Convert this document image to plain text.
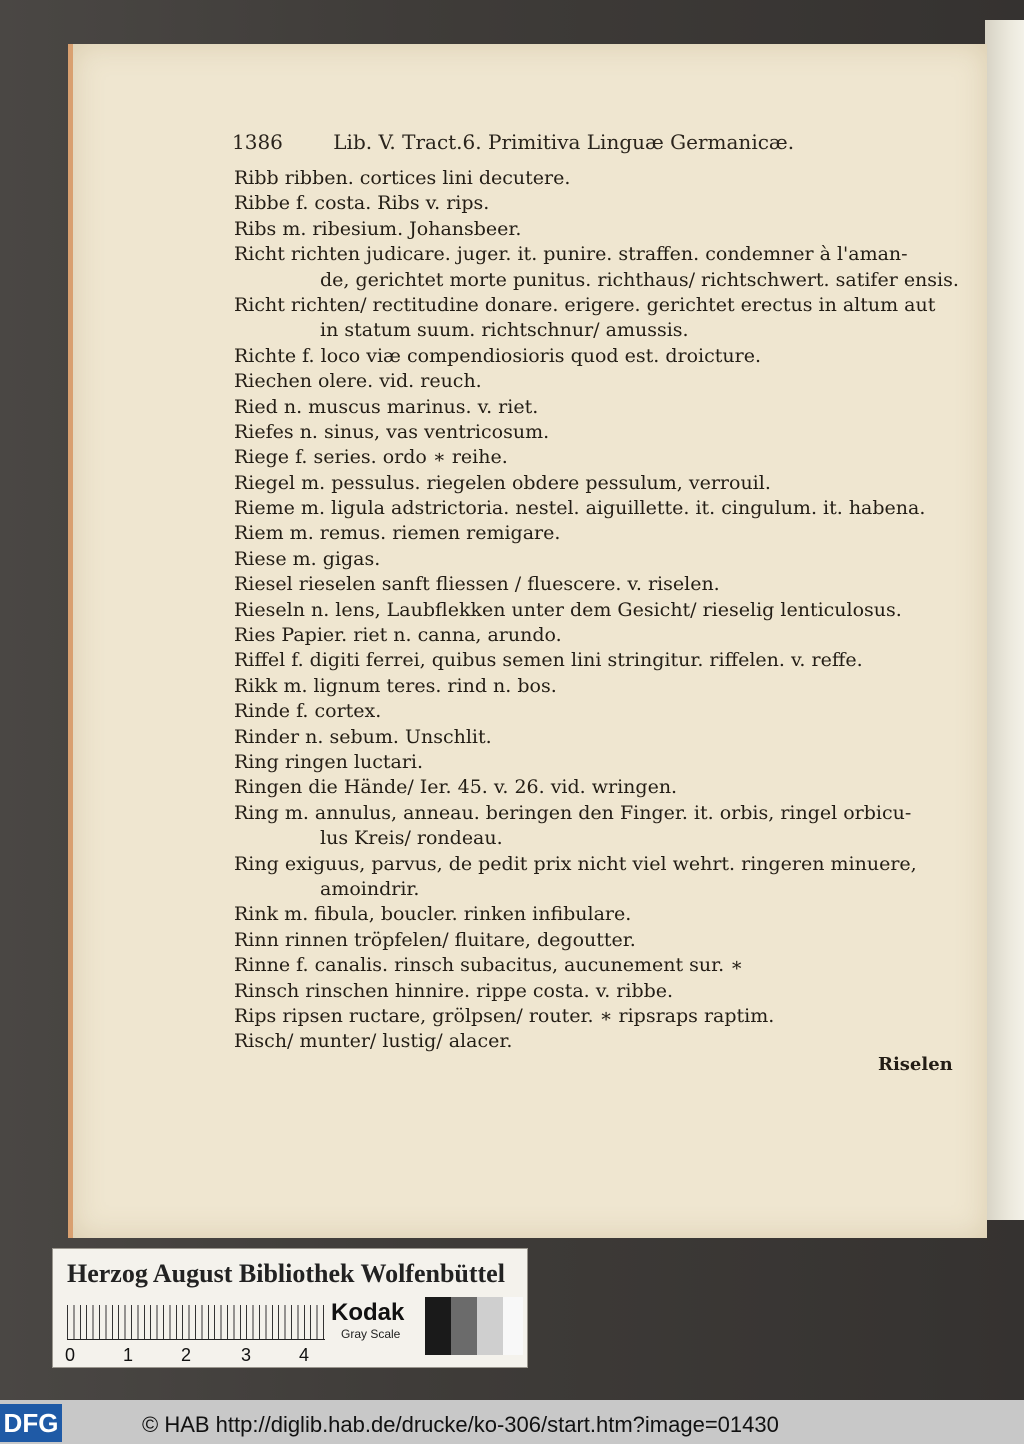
1386	Lib. V. Tract.6. Primitiva Linguæ Germanicæ.
Ribb ribben. cortices lini decutere.
Ribbe f. costa. Ribs v. rips.
Ribs m. ribesium. Johansbeer.
Richt richten judicare. juger. it. punire. straffen. condemner à l'aman-
de, gerichtet morte punitus. richthaus/ richtschwert. satifer ensis.
Richt richten/ rectitudine donare. erigere. gerichtet erectus in altum aut
in statum suum. richtschnur/ amussis.
Richte f. loco viæ compendiosioris quod est. droicture.
Riechen olere. vid. reuch.
Ried n. muscus marinus. v. riet.
Riefes n. sinus, vas ventricosum.
Riege f. series. ordo ∗ reihe.
Riegel m. pessulus. riegelen obdere pessulum, verrouil.
Rieme m. ligula adstrictoria. nestel. aiguillette. it. cingulum. it. habena.
Riem m. remus. riemen remigare.
Riese m. gigas.
Riesel rieselen sanft fliessen / fluescere. v. riselen.
Rieseln n. lens, Laubflekken unter dem Gesicht/ rieselig lenticulosus.
Ries Papier. riet n. canna, arundo.
Riffel f. digiti ferrei, quibus semen lini stringitur. riffelen. v. reffe.
Rikk m. lignum teres. rind n. bos.
Rinde f. cortex.
Rinder n. sebum. Unschlit.
Ring ringen luctari.
Ringen die Hände/ Ier. 45. v. 26. vid. wringen.
Ring m. annulus, anneau. beringen den Finger. it. orbis, ringel orbicu-
lus Kreis/ rondeau.
Ring exiguus, parvus, de pedit prix nicht viel wehrt. ringeren minuere,
amoindrir.
Rink m. fibula, boucler. rinken infibulare.
Rinn rinnen tröpfelen/ fluitare, degoutter.
Rinne f. canalis. rinsch subacitus, aucunement sur. ∗
Rinsch rinschen hinnire. rippe costa. v. ribbe.
Rips ripsen ructare, grölpsen/ router. ∗ ripsraps raptim.
Risch/ munter/ lustig/ alacer.
Riselen
Herzog August Bibliothek Wolfenbüttel
0	1	2	3	4
Kodak
Gray Scale
DFG	© HAB http://diglib.hab.de/drucke/ko-306/start.htm?image=01430
